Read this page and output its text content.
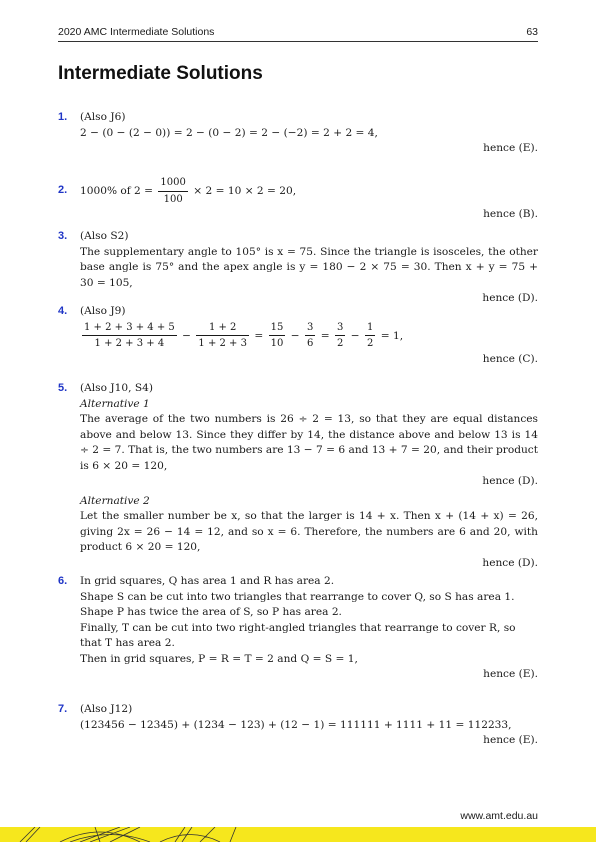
2020 AMC Intermediate Solutions	63
Intermediate Solutions
1. (Also J6)
2 − (0 − (2 − 0)) = 2 − (0 − 2) = 2 − (−2) = 2 + 2 = 4,
hence (E).
2. 1000% of $2 = \frac{1000}{100} \times 2 = 10 \times 2 = 20$,
hence (B).
3. (Also S2)
The supplementary angle to 105° is x = 75. Since the triangle is isosceles, the other base angle is 75° and the apex angle is y = 180 − 2 × 75 = 30. Then x + y = 75 + 30 = 105,
hence (D).
4. (Also J9)
$\frac{1 + 2 + 3 + 4 + 5}{1 + 2 + 3 + 4} - \frac{1 + 2}{1 + 2 + 3} = \frac{15}{10} - \frac{3}{6} = \frac{3}{2} - \frac{1}{2} = 1$,
hence (C).
5. (Also J10, S4)
Alternative 1
The average of the two numbers is 26 ÷ 2 = 13, so that they are equal distances above and below 13. Since they differ by 14, the distance above and below 13 is 14 ÷ 2 = 7. That is, the two numbers are 13 − 7 = 6 and 13 + 7 = 20, and their product is 6 × 20 = 120,
hence (D).
Alternative 2
Let the smaller number be x, so that the larger is 14 + x. Then x + (14 + x) = 26, giving 2x = 26 − 14 = 12, and so x = 6. Therefore, the numbers are 6 and 20, with product 6 × 20 = 120,
hence (D).
6. In grid squares, Q has area 1 and R has area 2.
Shape S can be cut into two triangles that rearrange to cover Q, so S has area 1.
Shape P has twice the area of S, so P has area 2.
Finally, T can be cut into two right-angled triangles that rearrange to cover R, so that T has area 2.
Then in grid squares, P = R = T = 2 and Q = S = 1,
hence (E).
7. (Also J12)
(123456 − 12345) + (1234 − 123) + (12 − 1) = 111111 + 1111 + 11 = 112233,
hence (E).
www.amt.edu.au
